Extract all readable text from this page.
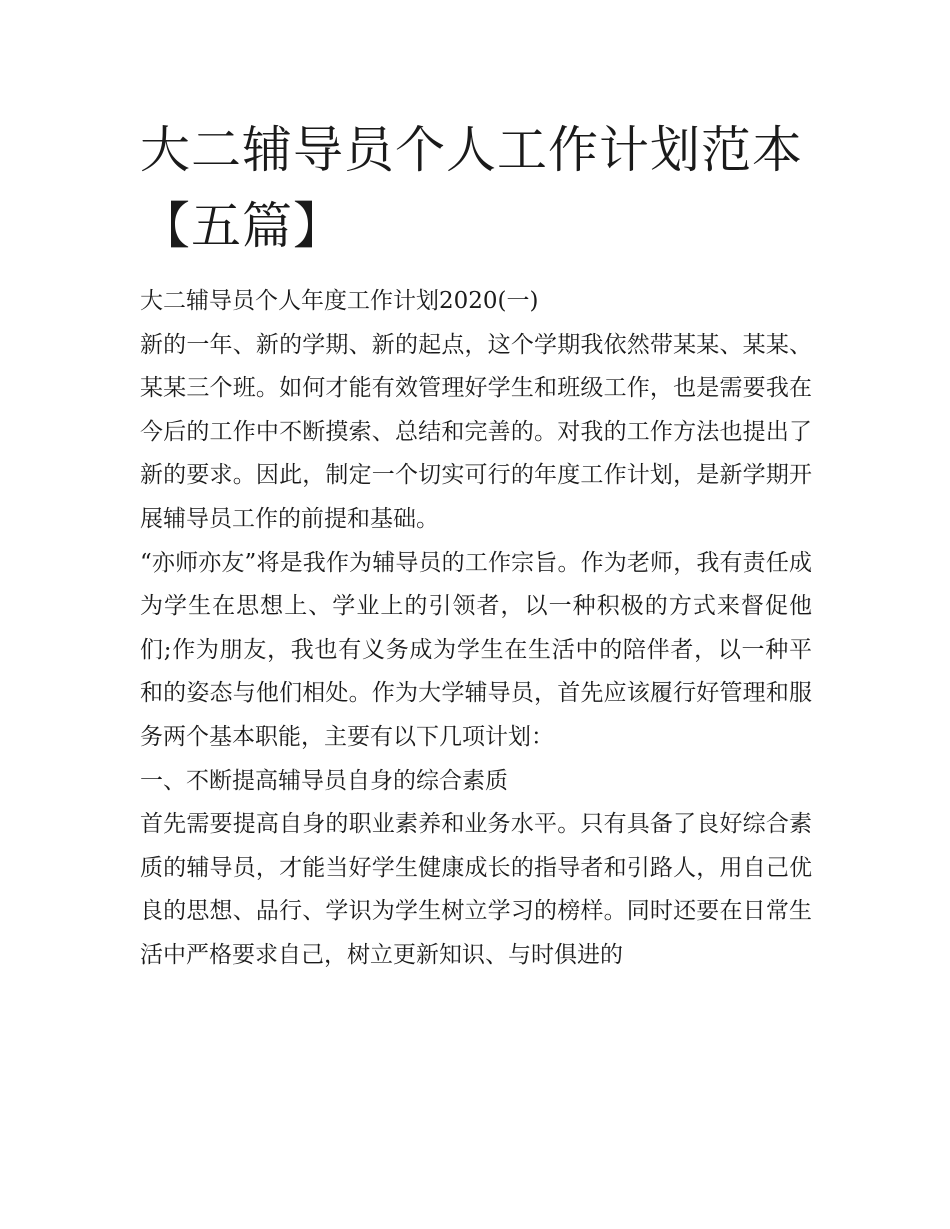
大二辅导员个人工作计划范本【五篇】

大二辅导员个人年度工作计划2020(一)

新的一年、新的学期、新的起点，这个学期我依然带某某、某某、某某三个班。如何才能有效管理好学生和班级工作，也是需要我在今后的工作中不断摸索、总结和完善的。对我的工作方法也提出了新的要求。因此，制定一个切实可行的年度工作计划，是新学期开展辅导员工作的前提和基础。

“亦师亦友”将是我作为辅导员的工作宗旨。作为老师，我有责任成为学生在思想上、学业上的引领者，以一种积极的方式来督促他们;作为朋友，我也有义务成为学生在生活中的陪伴者，以一种平和的姿态与他们相处。作为大学辅导员，首先应该履行好管理和服务两个基本职能，主要有以下几项计划：

一、不断提高辅导员自身的综合素质

首先需要提高自身的职业素养和业务水平。只有具备了良好综合素质的辅导员，才能当好学生健康成长的指导者和引路人，用自己优良的思想、品行、学识为学生树立学习的榜样。同时还要在日常生活中严格要求自己，树立更新知识、与时俱进的
